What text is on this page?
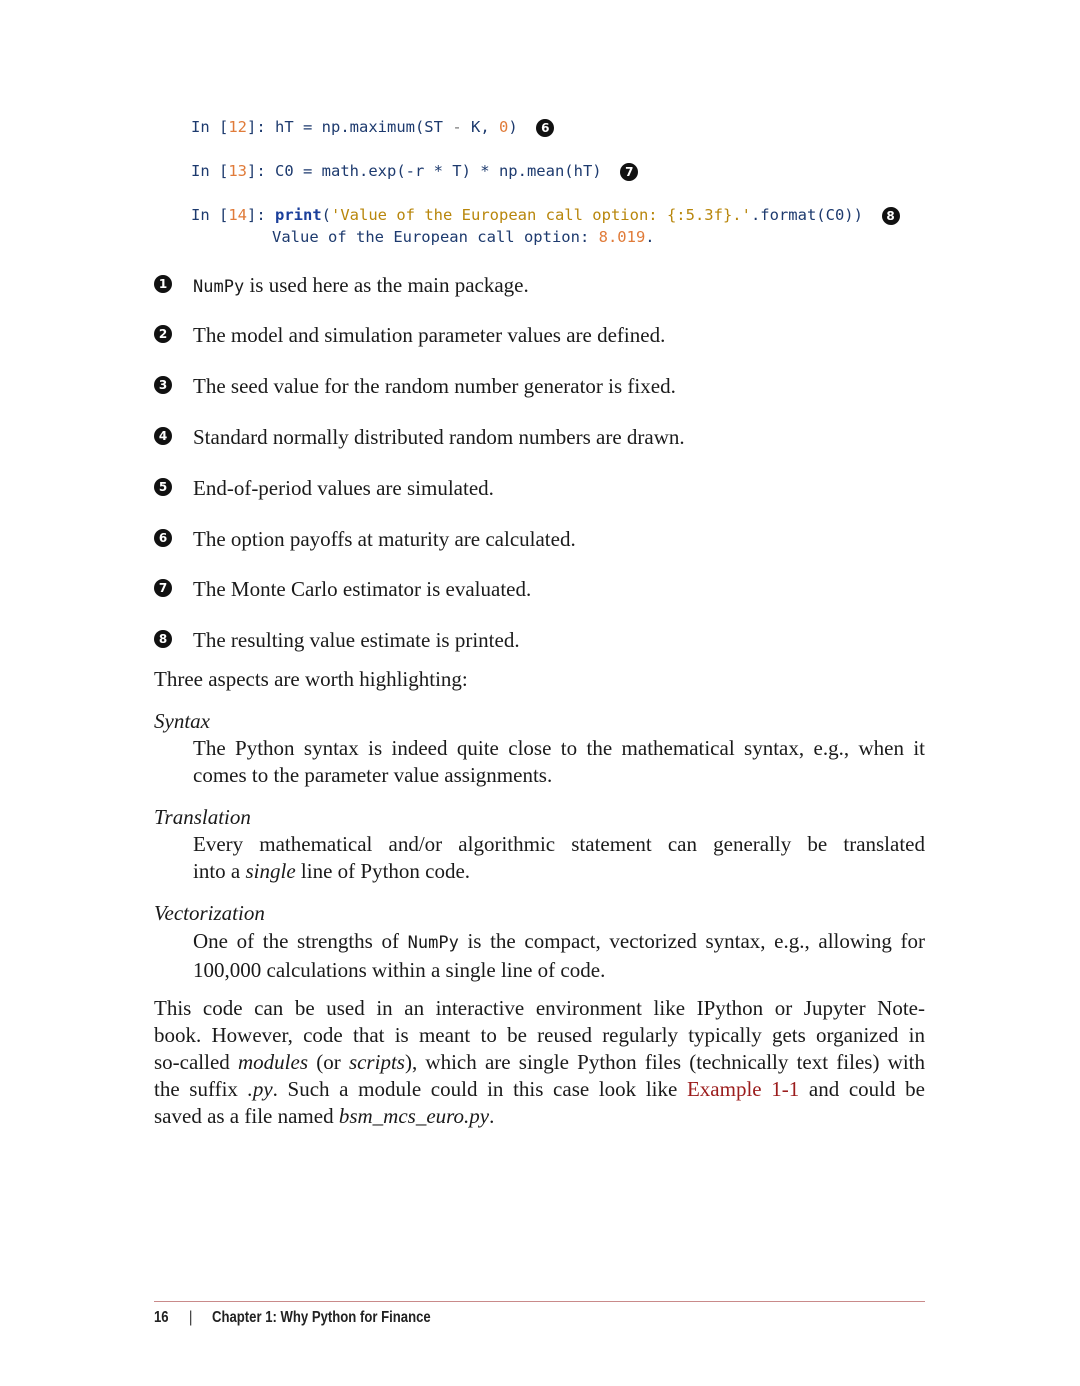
In [12]: hT = np.maximum(ST - K, 0) 6
In [13]: C0 = math.exp(-r * T) * np.mean(hT) 7
In [14]: print('Value of the European call option: {:5.3f}.'.format(C0)) 8
Value of the European call option: 8.019.
1 NumPy is used here as the main package.
2 The model and simulation parameter values are defined.
3 The seed value for the random number generator is fixed.
4 Standard normally distributed random numbers are drawn.
5 End-of-period values are simulated.
6 The option payoffs at maturity are calculated.
7 The Monte Carlo estimator is evaluated.
8 The resulting value estimate is printed.
Three aspects are worth highlighting:
Syntax
The Python syntax is indeed quite close to the mathematical syntax, e.g., when it
comes to the parameter value assignments.
Translation
Every mathematical and/or algorithmic statement can generally be translated
into a single line of Python code.
Vectorization
One of the strengths of NumPy is the compact, vectorized syntax, e.g., allowing for
100,000 calculations within a single line of code.
This code can be used in an interactive environment like IPython or Jupyter Note-
book. However, code that is meant to be reused regularly typically gets organized in
so-called modules (or scripts), which are single Python files (technically text files) with
the suffix .py. Such a module could in this case look like Example 1-1 and could be
saved as a file named bsm_mcs_euro.py.
16 | Chapter 1: Why Python for Finance
